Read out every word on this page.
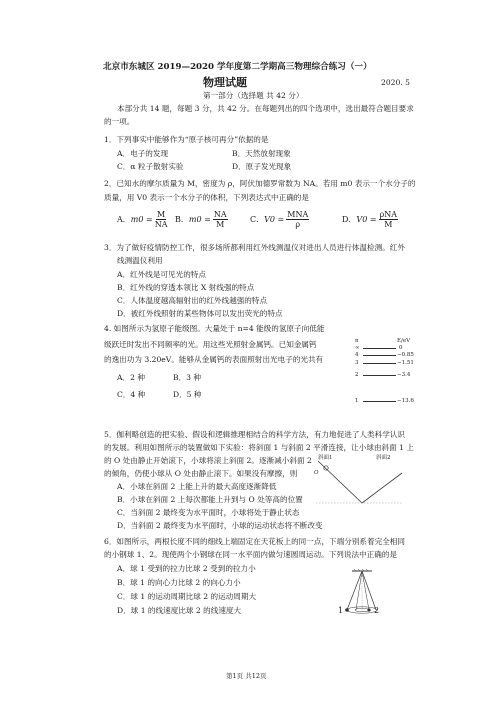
北京市东城区 2019—2020 学年度第二学期高三物理综合练习（一）
物理试题	2020. 5
第一部分（选择题 共 42 分）
本部分共 14 题，每题 3 分，共 42 分。在每题列出的四个选项中，选出最符合题目要求
的一项。
1．下列事实中能够作为“原子核可再分”依据的是
A．电子的发现	B．天然放射现象
C．α 粒子散射实验	D．原子发光现象
2．已知水的摩尔质量为 M，密度为 ρ，阿伏加德罗常数为 NA。若用 m0 表示一个水分子的
质量，用 V0 表示一个水分子的体积，下列表达式中正确的是
A． $m0 = \frac{M}{NA}$ B． $m0 = \frac{NA}{M}$	C． $V0 = \frac{\text{MNA}}{\rho}$	D． $V0 = \frac{\text{ρNA}}{M}$
3．为了做好疫情防控工作，很多场所都利用红外线测温仪对进出人员进行体温检测。红外
线测温仪利用
A．红外线是可见光的特点
B．红外线的穿透本领比 X 射线强的特点
C．人体温度越高辐射出的红外线越强的特点
D．被红外线照射的某些物体可以发出荧光的特点
4. 如图所示为氢原子能级图。大量处于 n=4 能级的氢原子向低能
级跃迁时发出不同频率的光。用这些光照射金属钙。已知金属钙
的逸出功为 3.20eV。能够从金属钙的表面照射出光电子的光共有
A．2 种	B．3 种
C．4 种	D．5 种
n	E/eV
∞	0
4	−0.85
3	−1.51
2	−3.4
1	−13.6
5．伽利略创造的把实验、假设和逻辑推理相结合的科学方法，有力地促进了人类科学认识
的发展。利用如图所示的装置做如下实验：将斜面 1 与斜面 2 平滑连接，让小球由斜面 1 上
的 O 处由静止开始滚下，小球将滚上斜面 2。逐渐减小斜面 2
的倾角，仍使小球从 O 处由静止滚下。如果没有摩擦，则
A．小球在斜面 2 上能上升的最大高度逐渐降低
B．小球在斜面 2 上每次都能上升到与 O 处等高的位置
C．当斜面 2 最终变为水平面时，小球将处于静止状态
D．当斜面 2 最终变为水平面时，小球的运动状态将不断改变
斜面1	斜面2
O
6．如图所示，两根长度不同的细线上端固定在天花板上的同一点，下端分别系着完全相同
的小钢球 1、2。现使两个小钢球在同一水平面内做匀速圆周运动。下列说法中正确的是
A．球 1 受到的拉力比球 2 受到的拉力小
B．球 1 的向心力比球 2 的向心力小
C．球 1 的运动周期比球 2 的运动周期大
D．球 1 的线速度比球 2 的线速度大	1	2
第1页 共12页
